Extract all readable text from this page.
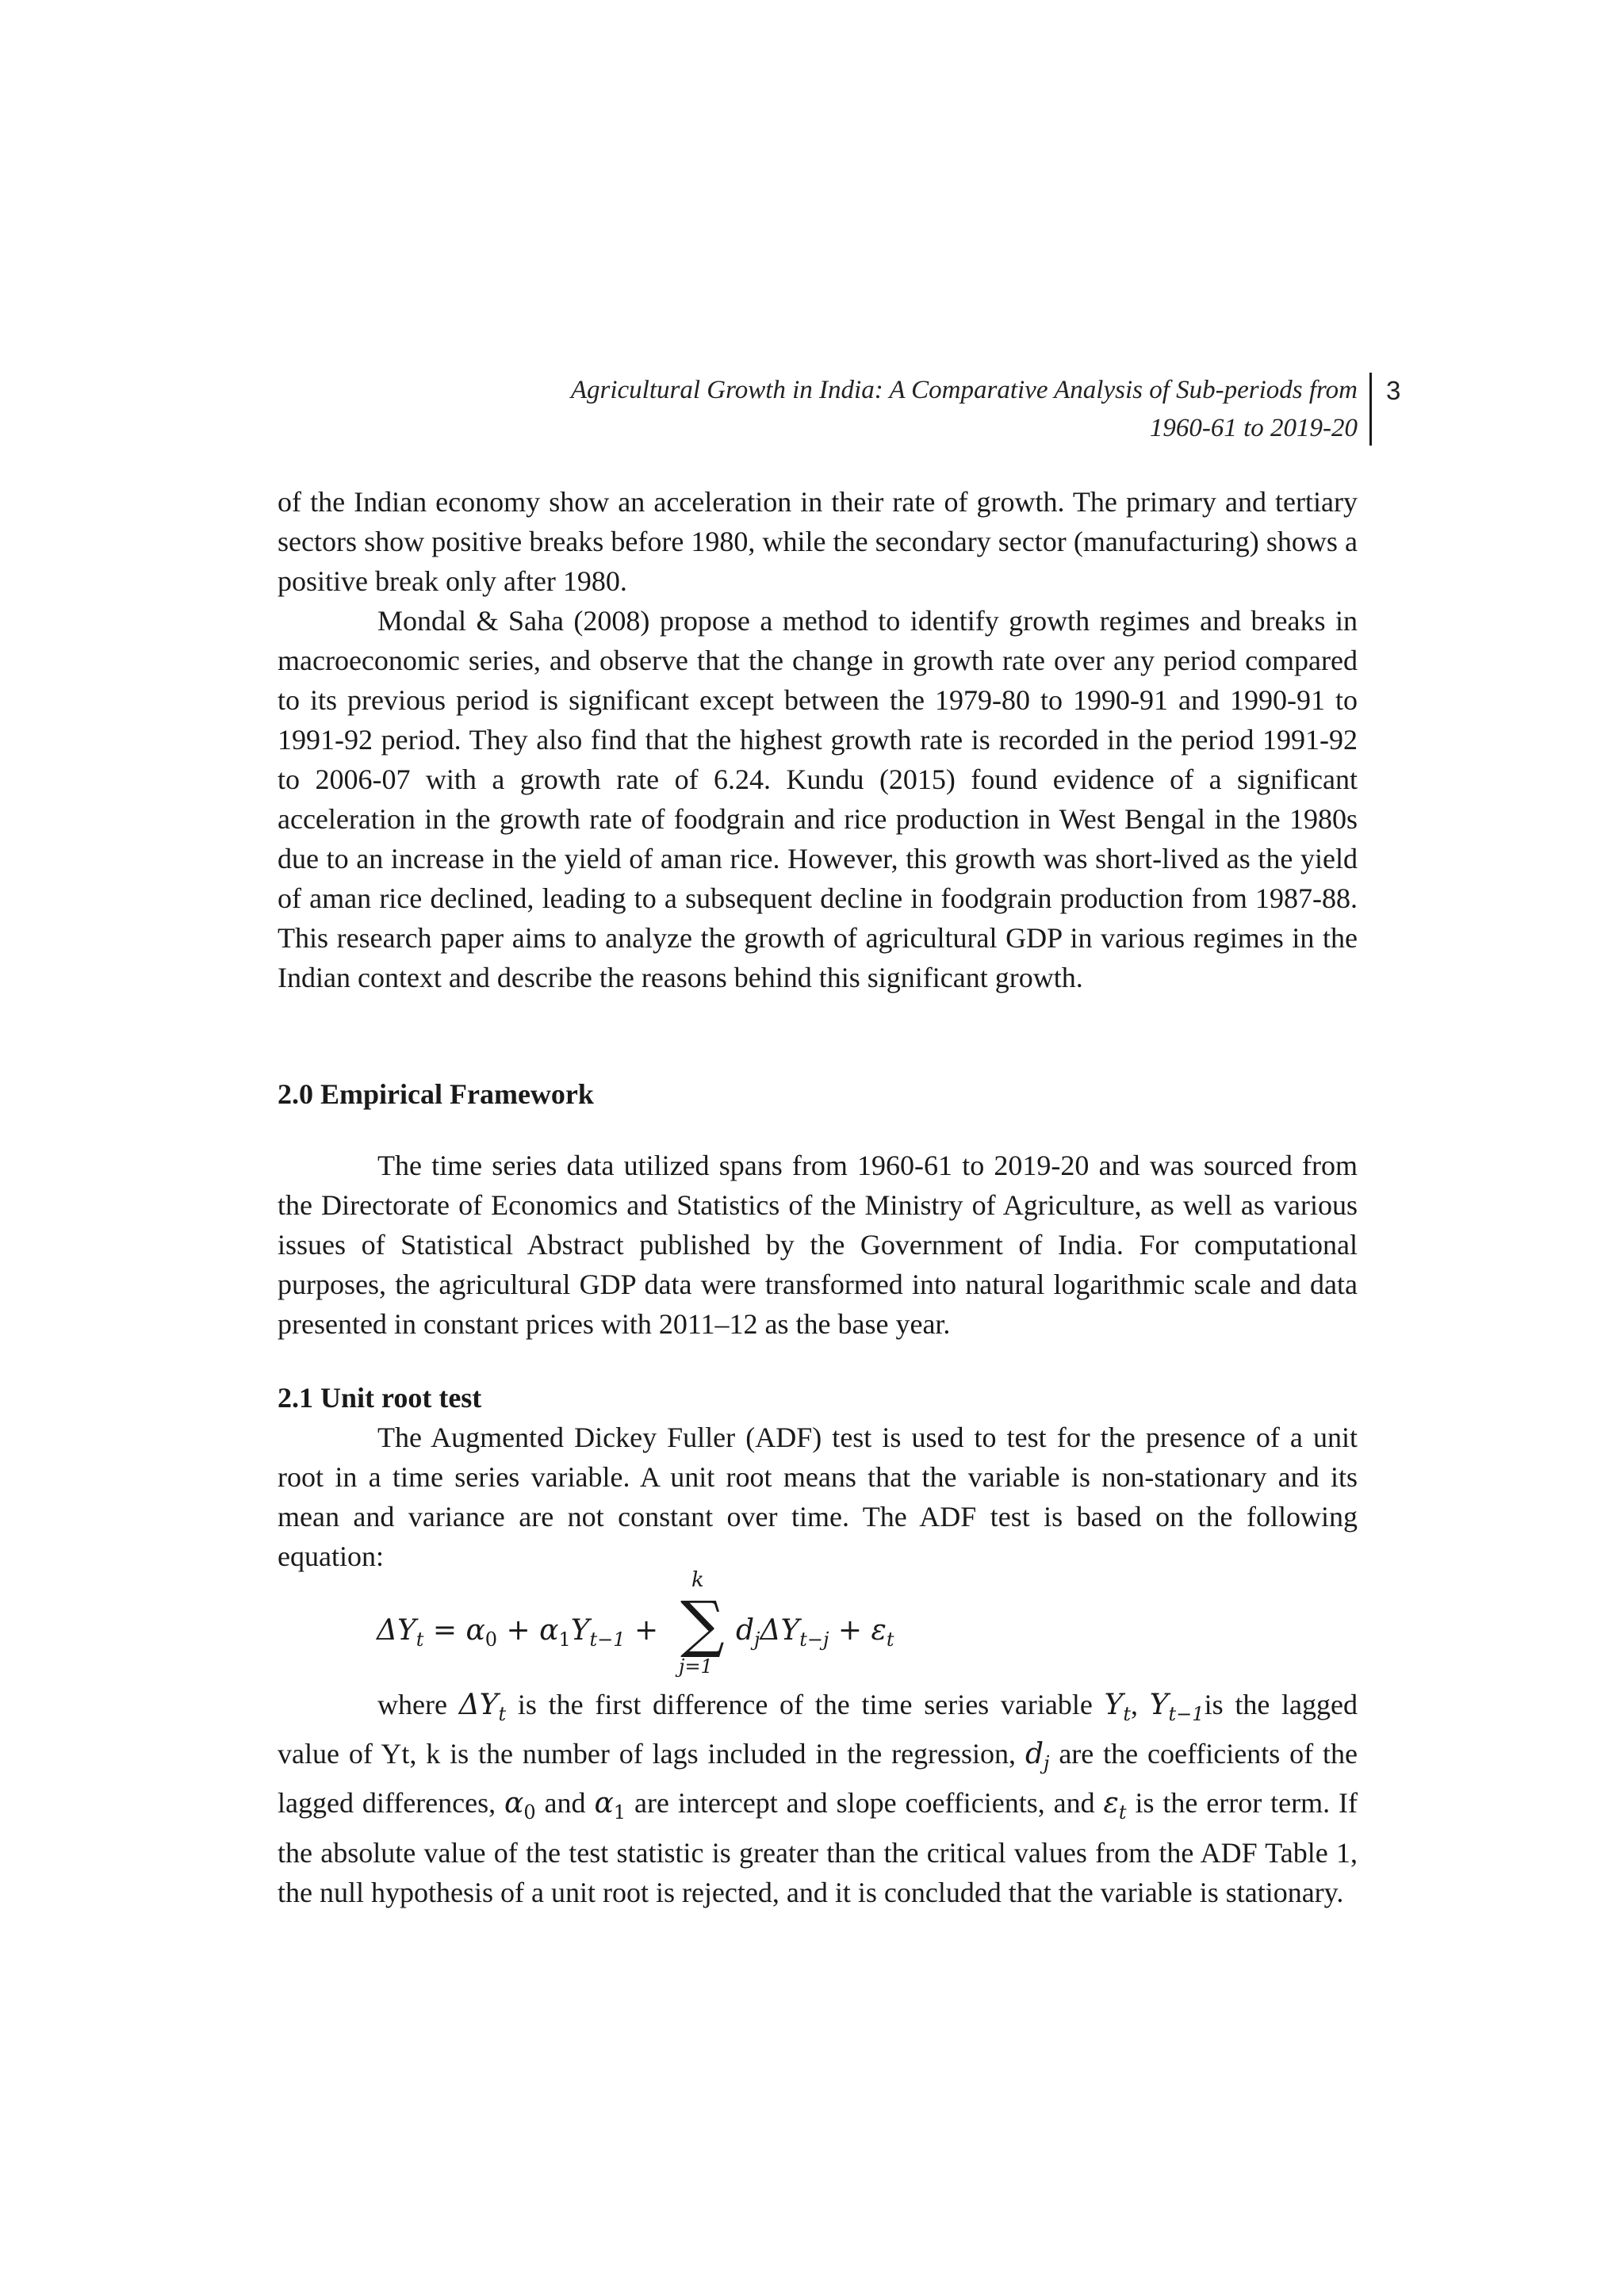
Agricultural Growth in India: A Comparative Analysis of Sub-periods from
1960-61 to 2019-20
3

of the Indian economy show an acceleration in their rate of growth. The primary and tertiary sectors show positive breaks before 1980, while the secondary sector (manufacturing) shows a positive break only after 1980.

Mondal & Saha (2008) propose a method to identify growth regimes and breaks in macroeconomic series, and observe that the change in growth rate over any period compared to its previous period is significant except between the 1979-80 to 1990-91 and 1990-91 to 1991-92 period. They also find that the highest growth rate is recorded in the period 1991-92 to 2006-07 with a growth rate of 6.24. Kundu (2015) found evidence of a significant acceleration in the growth rate of foodgrain and rice production in West Bengal in the 1980s due to an increase in the yield of aman rice. However, this growth was short-lived as the yield of aman rice declined, leading to a subsequent decline in foodgrain production from 1987-88. This research paper aims to analyze the growth of agricultural GDP in various regimes in the Indian context and describe the reasons behind this significant growth.

2.0 Empirical Framework

The time series data utilized spans from 1960-61 to 2019-20 and was sourced from the Directorate of Economics and Statistics of the Ministry of Agriculture, as well as various issues of Statistical Abstract published by the Government of India. For computational purposes, the agricultural GDP data were transformed into natural logarithmic scale and data presented in constant prices with 2011–12 as the base year.

2.1 Unit root test

The Augmented Dickey Fuller (ADF) test is used to test for the presence of a unit root in a time series variable. A unit root means that the variable is non-stationary and its mean and variance are not constant over time. The ADF test is based on the following equation:

$\Delta Y_t = \alpha_0 + \alpha_1Y_{t-1}$ +
k
∑
j=1
$d_j\Delta Y_{t-j} + \varepsilon_t$

where $\Delta Y_t$ is the first difference of the time series variable $Y_t$, $Y_{t-1}is$ the lagged value of Yt, k is the number of lags included in the regression, $d_j$ are the coefficients of the lagged differences, $\alpha_0$ and $\alpha_1$ are intercept and slope coefficients, and $\varepsilon_t$ is the error term. If the absolute value of the test statistic is greater than the critical values from the ADF Table 1, the null hypothesis of a unit root is rejected, and it is concluded that the variable is stationary.
